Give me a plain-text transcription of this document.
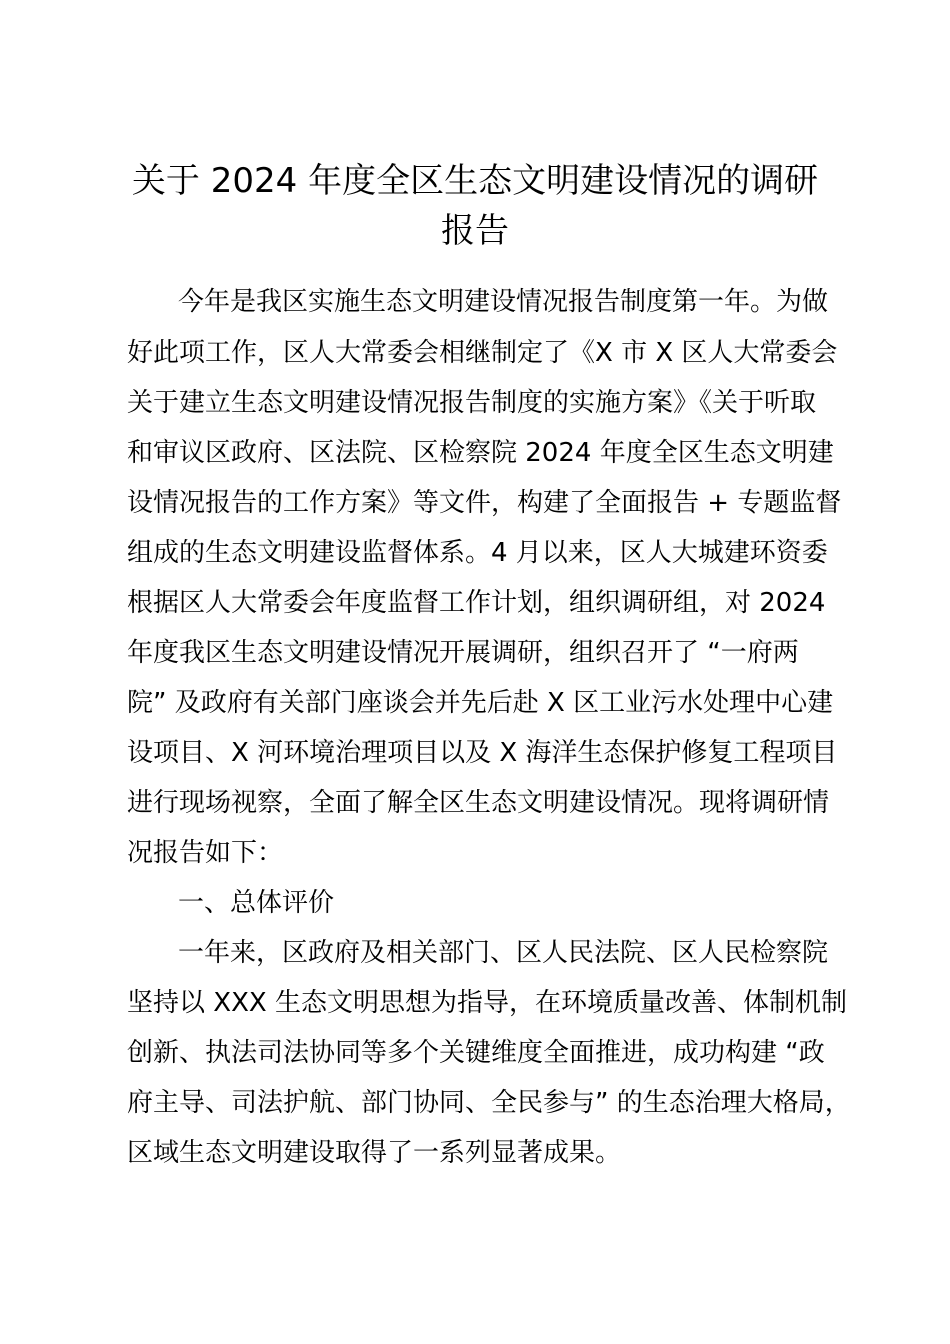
关于 2024 年度全区生态文明建设情况的调研
报告

今年是我区实施生态文明建设情况报告制度第一年。为做

好此项工作，区人大常委会相继制定了《X 市 X 区人大常委会

关于建立生态文明建设情况报告制度的实施方案》《关于听取

和审议区政府、区法院、区检察院 2024 年度全区生态文明建

设情况报告的工作方案》等文件，构建了全面报告 + 专题监督

组成的生态文明建设监督体系。4 月以来，区人大城建环资委

根据区人大常委会年度监督工作计划，组织调研组，对 2024

年度我区生态文明建设情况开展调研，组织召开了 “一府两

院” 及政府有关部门座谈会并先后赴 X 区工业污水处理中心建

设项目、X 河环境治理项目以及 X 海洋生态保护修复工程项目

进行现场视察，全面了解全区生态文明建设情况。现将调研情

况报告如下：

一、总体评价

一年来，区政府及相关部门、区人民法院、区人民检察院

坚持以 XXX 生态文明思想为指导，在环境质量改善、体制机制

创新、执法司法协同等多个关键维度全面推进，成功构建 “政

府主导、司法护航、部门协同、全民参与” 的生态治理大格局，

区域生态文明建设取得了一系列显著成果。
